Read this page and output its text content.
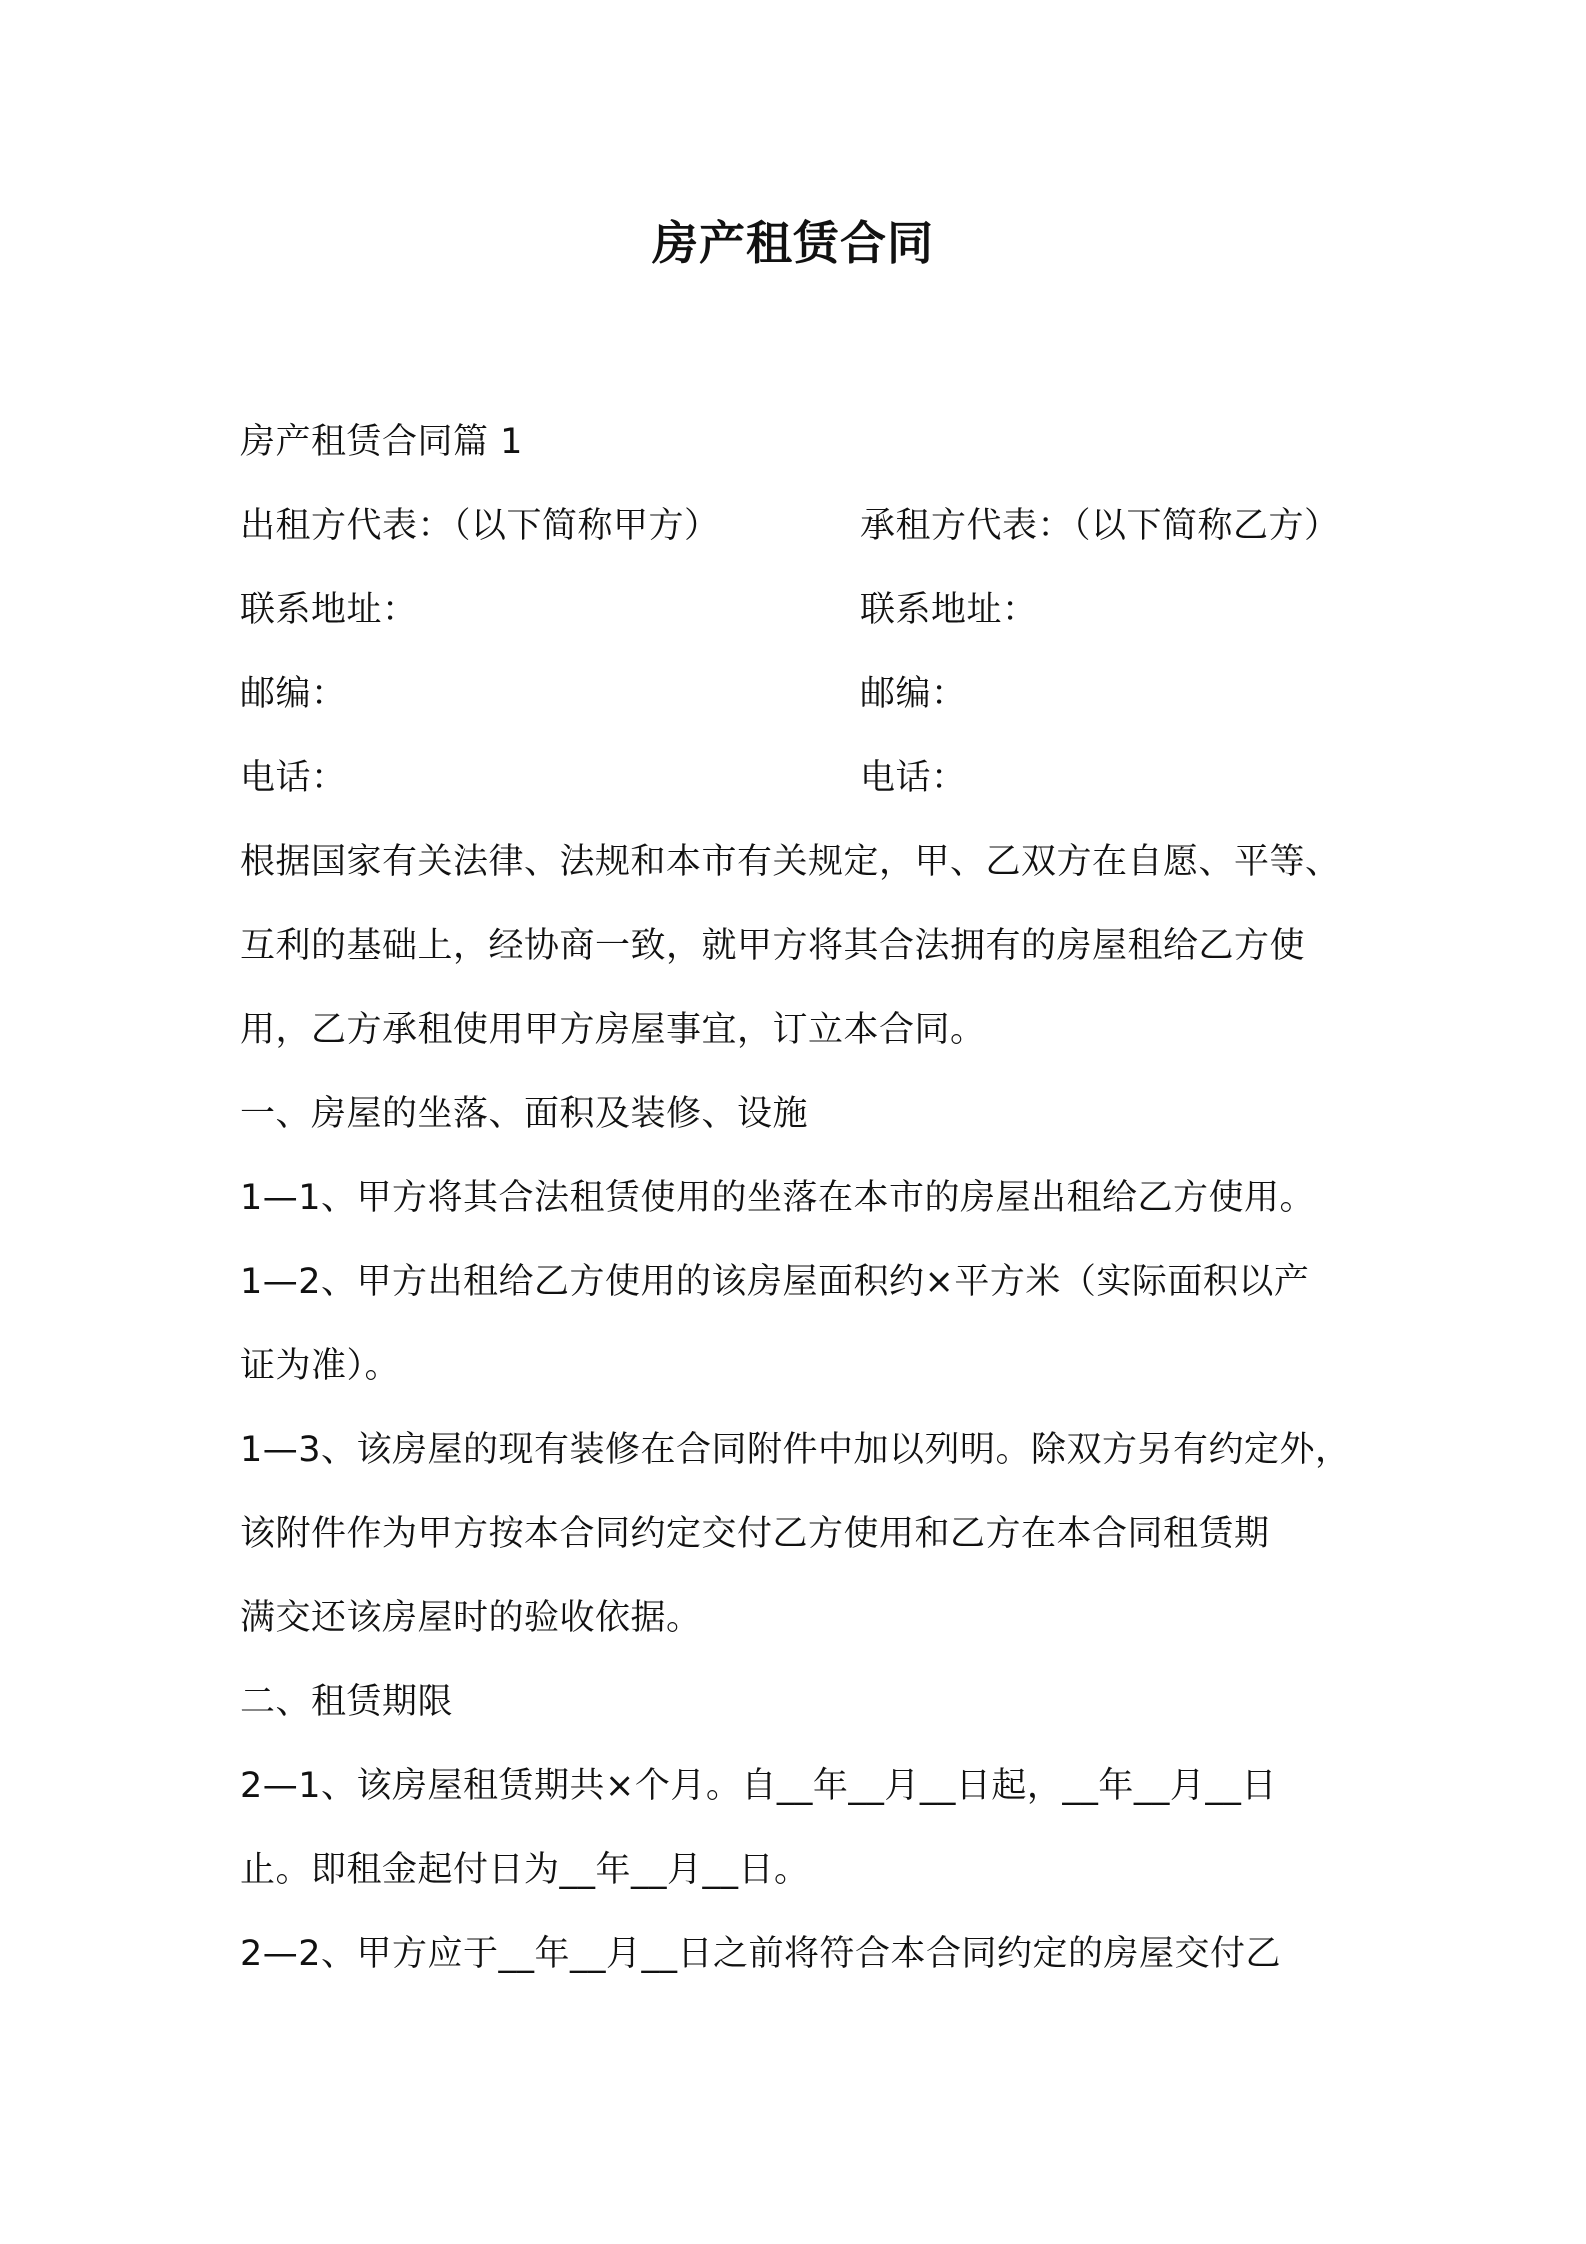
房产租赁合同

房产租赁合同篇 1

出租方代表：（以下简称甲方）	承租方代表：（以下简称乙方）
联系地址：	联系地址：
邮编：	邮编：
电话：	电话：

根据国家有关法律、法规和本市有关规定，甲、乙双方在自愿、平等、

互利的基础上，经协商一致，就甲方将其合法拥有的房屋租给乙方使

用，乙方承租使用甲方房屋事宜，订立本合同。

一、房屋的坐落、面积及装修、设施

1—1、甲方将其合法租赁使用的坐落在本市的房屋出租给乙方使用。

1—2、甲方出租给乙方使用的该房屋面积约×平方米（实际面积以产

证为准）。

1—3、该房屋的现有装修在合同附件中加以列明。除双方另有约定外，

该附件作为甲方按本合同约定交付乙方使用和乙方在本合同租赁期

满交还该房屋时的验收依据。

二、租赁期限

2—1、该房屋租赁期共×个月。自__年__月__日起，__年__月__日

止。即租金起付日为__年__月__日。

2—2、甲方应于__年__月__日之前将符合本合同约定的房屋交付乙
